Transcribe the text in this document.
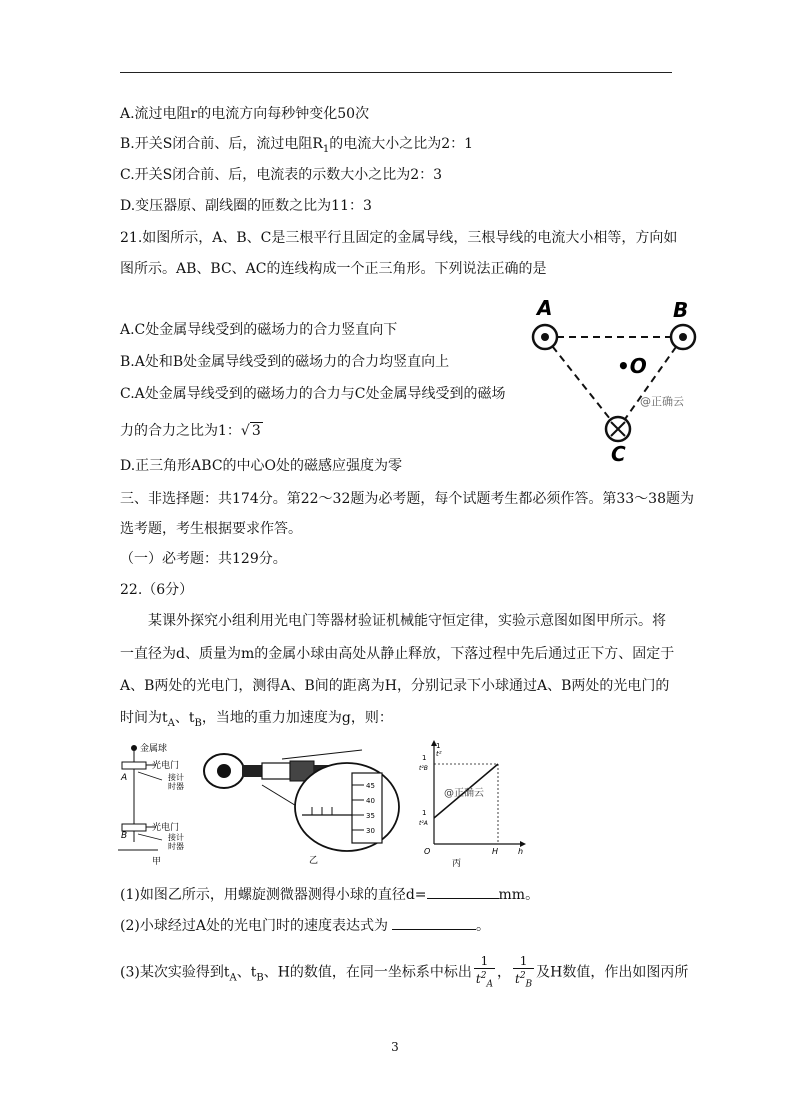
A.流过电阻r的电流方向每秒钟变化50次
B.开关S闭合前、后，流过电阻$R_1$的电流大小之比为2：1
C.开关S闭合前、后，电流表的示数大小之比为2：3
D.变压器原、副线圈的匝数之比为11：3
21.如图所示，A、B、C是三根平行且固定的金属导线，三根导线的电流大小相等，方向如
图所示。AB、BC、AC的连线构成一个正三角形。下列说法正确的是
A.C处金属导线受到的磁场力的合力竖直向下
B.A处和B处金属导线受到的磁场力的合力均竖直向上
C.A处金属导线受到的磁场力的合力与C处金属导线受到的磁场
力的合力之比为1：√ 3
D.正三角形ABC的中心O处的磁感应强度为零
A	B
C
•O
@正确云
三、非选择题：共174分。第22～32题为必考题，每个试题考生都必须作答。第33～38题为
选考题，考生根据要求作答。
（一）必考题：共129分。
22.（6分）
某课外探究小组利用光电门等器材验证机械能守恒定律，实验示意图如图甲所示。将
一直径为d、质量为m的金属小球由高处从静止释放，下落过程中先后通过正下方、固定于
A、B两处的光电门，测得A、B间的距离为H，分别记录下小球通过A、B两处的光电门的
时间为$t_A$、$t_B$，当地的重力加速度为g，则：
金属球
光电门
接计
时器
光电门
接计
时器
A
B
甲
45
40
35
30
乙
1
t²
1
t²B
1
t²A
H h
O
@正确云
丙
(1)如图乙所示，用螺旋测微器测得小球的直径d=	mm。
(2)小球经过A处的光电门时的速度表达式为	。
(3)某次实验得到$t_A$、$t_B$、H的数值，在同一坐标系中标出 $\frac{1}{t^2_A}$ ， $\frac{1}{t^2_B}$ 及H数值，作出如图丙所
3
